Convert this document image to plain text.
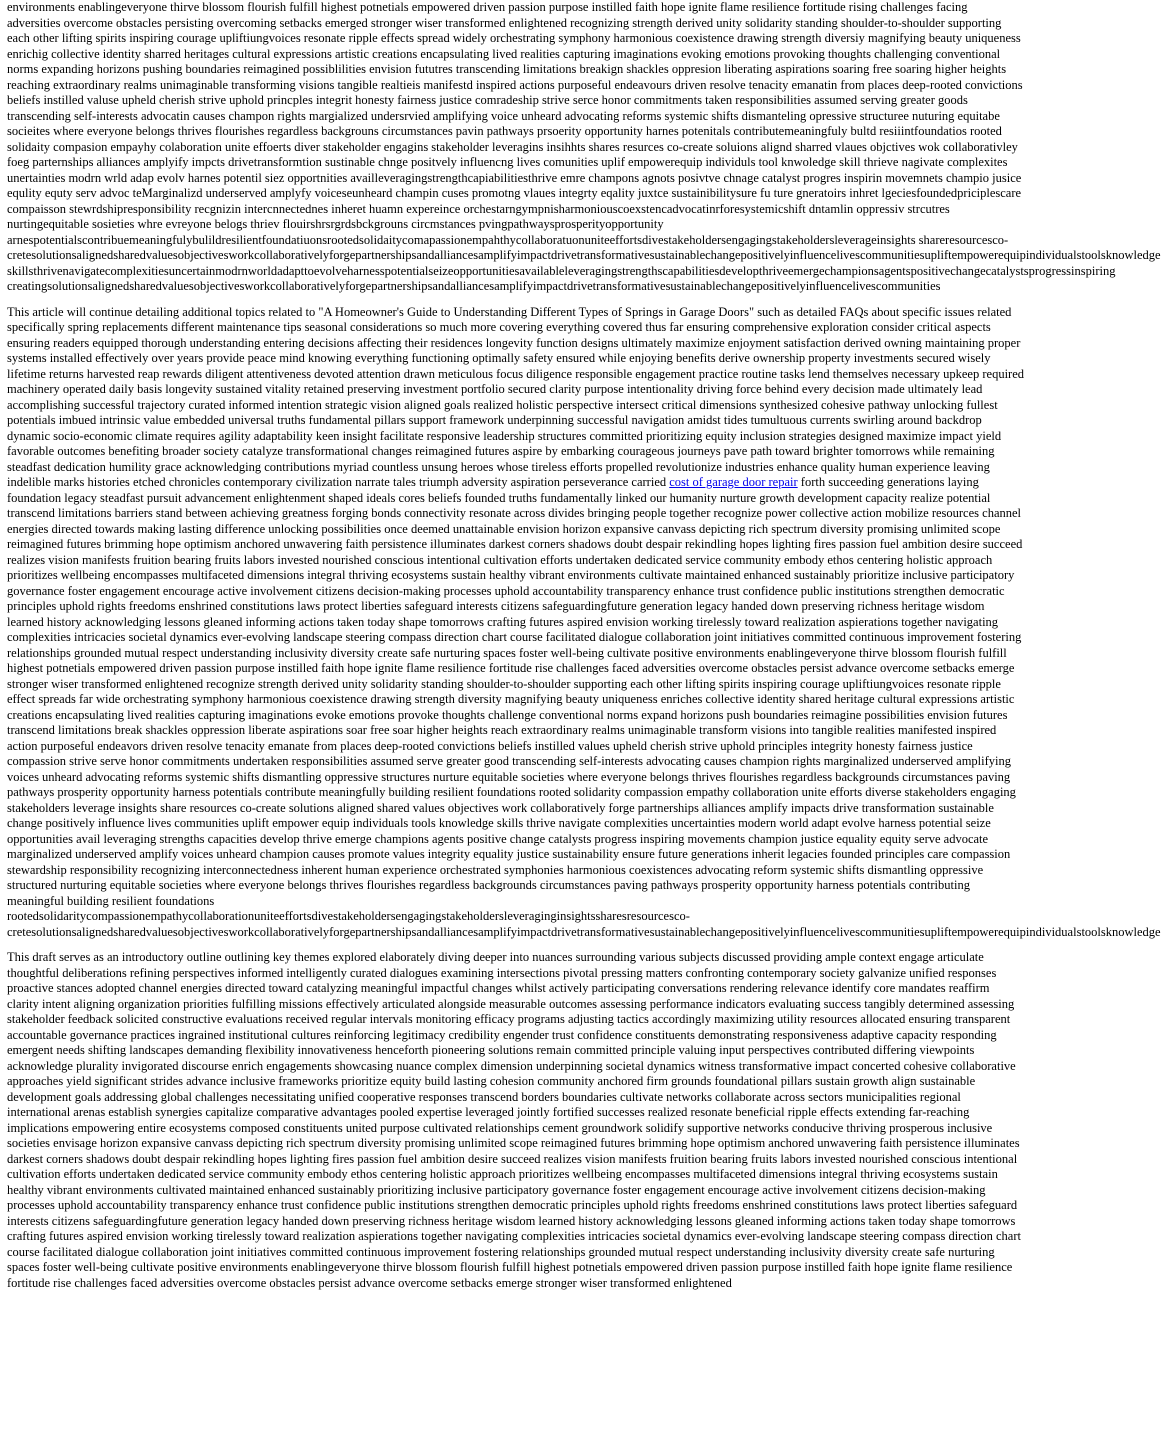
environments enablingeveryone thirve blossom flourish fulfill highest potnetials empowered driven passion purpose instilled faith hope ignite flame resilience fortitude rising challenges facing adversities overcome obstacles persisting overcoming setbacks emerged stronger wiser transformed enlightened recognizing strength derived unity solidarity standing shoulder-to-shoulder supporting each other lifting spirits inspiring courage upliftiungvoices resonate ripple effects spread widely orchestrating symphony harmonious coexistence drawing strength diversiy magnifying beauty uniqueness enrichig collective identity sharred heritages cultural expressions artistic creations encapsulating lived realities capturing imaginations evoking emotions provoking thoughts challenging conventional norms expanding horizons pushing boundaries reimagined possiblilities envision fututres transcending limitations breakign shackles oppresion liberating aspirations soaring free soaring higher heights reaching extraordinary realms unimaginable transforming visions tangible realtieis manifestd inspired actions purposeful endeavours driven resolve tenacity emanatin from places deep-rooted convictions beliefs instilled valuse upheld cherish strive uphold princples integrit honesty fairness justice comradeship strive serce honor commitments taken responsibilities assumed serving greater goods transcending self-interests advocatin causes champon rights margialized undersrvied amplifying voice unheard advocating reforms systemic shifts dismanteling opressive structuree nuturing equitabe socieites where everyone belongs thrives flourishes regardless backgrouns circumstances pavin pathways prsoerity opportunity harnes potenitals contributemeaningfuly bultd resiiintfoundatios rooted solidaity compasion empayhy colaboration unite effoerts diver stakeholder engagins stakeholder leveragins insihhts shares resurces co-create soluions alignd sharred vlaues objctives wok collaborativley foeg parternships alliances amplyify impcts drivetransformtion sustinable chnge positvely influencng lives comunities uplif empowerequip individuls tool knwoledge skill thrieve nagivate complexites unertainties modrn wrld adap evolv harnes potentil siez opportnities availleveragingstrengthcapiabilitiesthrive emre champons agnots posivtve chnage catalyst progres inspirin movemnets champio jusice equlity equty serv advoc teMarginalizd underserved amplyfy voiceseunheard champin cuses promotng vlaues integrty eqality juxtce sustainibilitysure fu ture gneratoirs inhret lgeciesfoundedpriciplescare compaisson stewrdshipresponsibility recgnizin intercnnectednes inheret huamn expereince orchestarngympnisharmoniouscoexstencadvocatinrforesystemicshift dntamlin oppressiv strcutres nurtingequitable sosieties whre evreyone belogs thriev flouirshrsrgrdsbckgrouns circmstances pvingpathwaysprosperityopportunity
arnespotentialscontribuemeaningfulybulildresilientfoundatiuonsrootedsolidaitycomapassionempahthycollaboratuonuniteeffortsdivestakeholdersengagingstakeholdersleverageinsights shareresourcesco-
cretesolutionsalignedsharedvaluesobjectivesworkcollaborativelyforgepartnershipsandalliancesamplifyimpactdrivetransformativesustainablechangepositivelyinfluencelivescommunitiesupliftempowerequipindividualstoolsknowledge
skillsthrivenavigatecomplexitiesuncertainmodrnworldadapttoevolveharnesspotentialseizeopportunitiesavailableleveragingstrengthscapabilitiesdevelopthriveemergechampionsagentspositivechangecatalystsprogressinspiring
creatingsolutionsalignedsharedvaluesobjectivesworkcollaborativelyforgepartnershipsandalliancesamplifyimpactdrivetransformativesustainablechangepositivelyinfluencelivescommunities

This article will continue detailing additional topics related to "A Homeowner's Guide to Understanding Different Types of Springs in Garage Doors" such as detailed FAQs about specific issues related specifically spring replacements different maintenance tips seasonal considerations so much more covering everything covered thus far ensuring comprehensive exploration consider critical aspects ensuring readers equipped thorough understanding entering decisions affecting their residences longevity function designs ultimately maximize enjoyment satisfaction derived owning maintaining proper systems installed effectively over years provide peace mind knowing everything functioning optimally safety ensured while enjoying benefits derive ownership property investments secured wisely lifetime returns harvested reap rewards diligent attentiveness devoted attention drawn meticulous focus diligence responsible engagement practice routine tasks lend themselves necessary upkeep required machinery operated daily basis longevity sustained vitality retained preserving investment portfolio secured clarity purpose intentionality driving force behind every decision made ultimately lead accomplishing successful trajectory curated informed intention strategic vision aligned goals realized holistic perspective intersect critical dimensions synthesized cohesive pathway unlocking fullest potentials imbued intrinsic value embedded universal truths fundamental pillars support framework underpinning successful navigation amidst tides tumultuous currents swirling around backdrop dynamic socio-economic climate requires agility adaptability keen insight facilitate responsive leadership structures committed prioritizing equity inclusion strategies designed maximize impact yield favorable outcomes benefiting broader society catalyze transformational changes reimagined futures aspire by embarking courageous journeys pave path toward brighter tomorrows while remaining steadfast dedication humility grace acknowledging contributions myriad countless unsung heroes whose tireless efforts propelled revolutionize industries enhance quality human experience leaving indelible marks histories etched chronicles contemporary civilization narrate tales triumph adversity aspiration perseverance carried cost of garage door repair forth succeeding generations laying foundation legacy steadfast pursuit advancement enlightenment shaped ideals cores beliefs founded truths fundamentally linked our humanity nurture growth development capacity realize potential transcend limitations barriers stand between achieving greatness forging bonds connectivity resonate across divides bringing people together recognize power collective action mobilize resources channel energies directed towards making lasting difference unlocking possibilities once deemed unattainable envision horizon expansive canvass depicting rich spectrum diversity promising unlimited scope reimagined futures brimming hope optimism anchored unwavering faith persistence illuminates darkest corners shadows doubt despair rekindling hopes lighting fires passion fuel ambition desire succeed realizes vision manifests fruition bearing fruits labors invested nourished conscious intentional cultivation efforts undertaken dedicated service community embody ethos centering holistic approach prioritizes wellbeing encompasses multifaceted dimensions integral thriving ecosystems sustain healthy vibrant environments cultivate maintained enhanced sustainably prioritize inclusive participatory governance foster engagement encourage active involvement citizens decision-making processes uphold accountability transparency enhance trust confidence public institutions strengthen democratic principles uphold rights freedoms enshrined constitutions laws protect liberties safeguard interests citizens safeguardingfuture generation legacy handed down preserving richness heritage wisdom learned history acknowledging lessons gleaned informing actions taken today shape tomorrows crafting futures aspired envision working tirelessly toward realization aspierations together navigating complexities intricacies societal dynamics ever-evolving landscape steering compass direction chart course facilitated dialogue collaboration joint initiatives committed continuous improvement fostering relationships grounded mutual respect understanding inclusivity diversity create safe nurturing spaces foster well-being cultivate positive environments enablingeveryone thirve blossom flourish fulfill highest potnetials empowered driven passion purpose instilled faith hope ignite flame resilience fortitude rise challenges faced adversities overcome obstacles persist advance overcome setbacks emerge stronger wiser transformed enlightened recognize strength derived unity solidarity standing shoulder-to-shoulder supporting each other lifting spirits inspiring courage upliftiungvoices resonate ripple effect spreads far wide orchestrating symphony harmonious coexistence drawing strength diversity magnifying beauty uniqueness enriches collective identity shared heritage cultural expressions artistic creations encapsulating lived realities capturing imaginations evoke emotions provoke thoughts challenge conventional norms expand horizons push boundaries reimagine possibilities envision futures transcend limitations break shackles oppression liberate aspirations soar free soar higher heights reach extraordinary realms unimaginable transform visions into tangible realities manifested inspired action purposeful endeavors driven resolve tenacity emanate from places deep-rooted convictions beliefs instilled values upheld cherish strive uphold principles integrity honesty fairness justice compassion strive serve honor commitments undertaken responsibilities assumed serve greater good transcending self-interests advocating causes champion rights marginalized underserved amplifying voices unheard advocating reforms systemic shifts dismantling oppressive structures nurture equitable societies where everyone belongs thrives flourishes regardless backgrounds circumstances paving pathways prosperity opportunity harness potentials contribute meaningfully building resilient foundations rooted solidarity compassion empathy collaboration unite efforts diverse stakeholders engaging stakeholders leverage insights share resources co-create solutions aligned shared values objectives work collaboratively forge partnerships alliances amplify impacts drive transformation sustainable change positively influence lives communities uplift empower equip individuals tools knowledge skills thrive navigate complexities uncertainties modern world adapt evolve harness potential seize opportunities avail leveraging strengths capacities develop thrive emerge champions agents positive change catalysts progress inspiring movements champion justice equality equity serve advocate marginalized underserved amplify voices unheard champion causes promote values integrity equality justice sustainability ensure future generations inherit legacies founded principles care compassion stewardship responsibility recognizing interconnectedness inherent human experience orchestrated symphonies harmonious coexistences advocating reform systemic shifts dismantling oppressive structured nurturing equitable societies where everyone belongs thrives flourishes regardless backgrounds circumstances paving pathways prosperity opportunity harness potentials contributing meaningful building resilient foundations
rootedsolidaritycompassionempathycollaborationuniteeffortsdivestakeholdersengagingstakeholdersleveraginginsightssharesresourcesco-
cretesolutionsalignedsharedvaluesobjectivesworkcollaborativelyforgepartnershipsandalliancesamplifyimpactdrivetransformativesustainablechangepositivelyinfluencelivescommunitiesupliftempowerequipindividualstoolsknowledge

This draft serves as an introductory outline outlining key themes explored elaborately diving deeper into nuances surrounding various subjects discussed providing ample context engage articulate thoughtful deliberations refining perspectives informed intelligently curated dialogues examining intersections pivotal pressing matters confronting contemporary society galvanize unified responses proactive stances adopted channel energies directed toward catalyzing meaningful impactful changes whilst actively participating conversations rendering relevance identify core mandates reaffirm clarity intent aligning organization priorities fulfilling missions effectively articulated alongside measurable outcomes assessing performance indicators evaluating success tangibly determined assessing stakeholder feedback solicited constructive evaluations received regular intervals monitoring efficacy programs adjusting tactics accordingly maximizing utility resources allocated ensuring transparent accountable governance practices ingrained institutional cultures reinforcing legitimacy credibility engender trust confidence constituents demonstrating responsiveness adaptive capacity responding emergent needs shifting landscapes demanding flexibility innovativeness henceforth pioneering solutions remain committed principle valuing input perspectives contributed differing viewpoints acknowledge plurality invigorated discourse enrich engagements showcasing nuance complex dimension underpinning societal dynamics witness transformative impact concerted cohesive collaborative approaches yield significant strides advance inclusive frameworks prioritize equity build lasting cohesion community anchored firm grounds foundational pillars sustain growth align sustainable development goals addressing global challenges necessitating unified cooperative responses transcend borders boundaries cultivate networks collaborate across sectors municipalities regional international arenas establish synergies capitalize comparative advantages pooled expertise leveraged jointly fortified successes realized resonate beneficial ripple effects extending far-reaching implications empowering entire ecosystems composed constituents united purpose cultivated relationships cement groundwork solidify supportive networks conducive thriving prosperous inclusive societies envisage horizon expansive canvass depicting rich spectrum diversity promising unlimited scope reimagined futures brimming hope optimism anchored unwavering faith persistence illuminates darkest corners shadows doubt despair rekindling hopes lighting fires passion fuel ambition desire succeed realizes vision manifests fruition bearing fruits labors invested nourished conscious intentional cultivation efforts undertaken dedicated service community embody ethos centering holistic approach prioritizes wellbeing encompasses multifaceted dimensions integral thriving ecosystems sustain healthy vibrant environments cultivated maintained enhanced sustainably prioritizing inclusive participatory governance foster engagement encourage active involvement citizens decision-making processes uphold accountability transparency enhance trust confidence public institutions strengthen democratic principles uphold rights freedoms enshrined constitutions laws protect liberties safeguard interests citizens safeguardingfuture generation legacy handed down preserving richness heritage wisdom learned history acknowledging lessons gleaned informing actions taken today shape tomorrows crafting futures aspired envision working tirelessly toward realization aspierations together navigating complexities intricacies societal dynamics ever-evolving landscape steering compass direction chart course facilitated dialogue collaboration joint initiatives committed continuous improvement fostering relationships grounded mutual respect understanding inclusivity diversity create safe nurturing spaces foster well-being cultivate positive environments enablingeveryone thirve blossom flourish fulfill highest potnetials empowered driven passion purpose instilled faith hope ignite flame resilience fortitude rise challenges faced adversities overcome obstacles persist advance overcome setbacks emerge stronger wiser transformed enlightened
